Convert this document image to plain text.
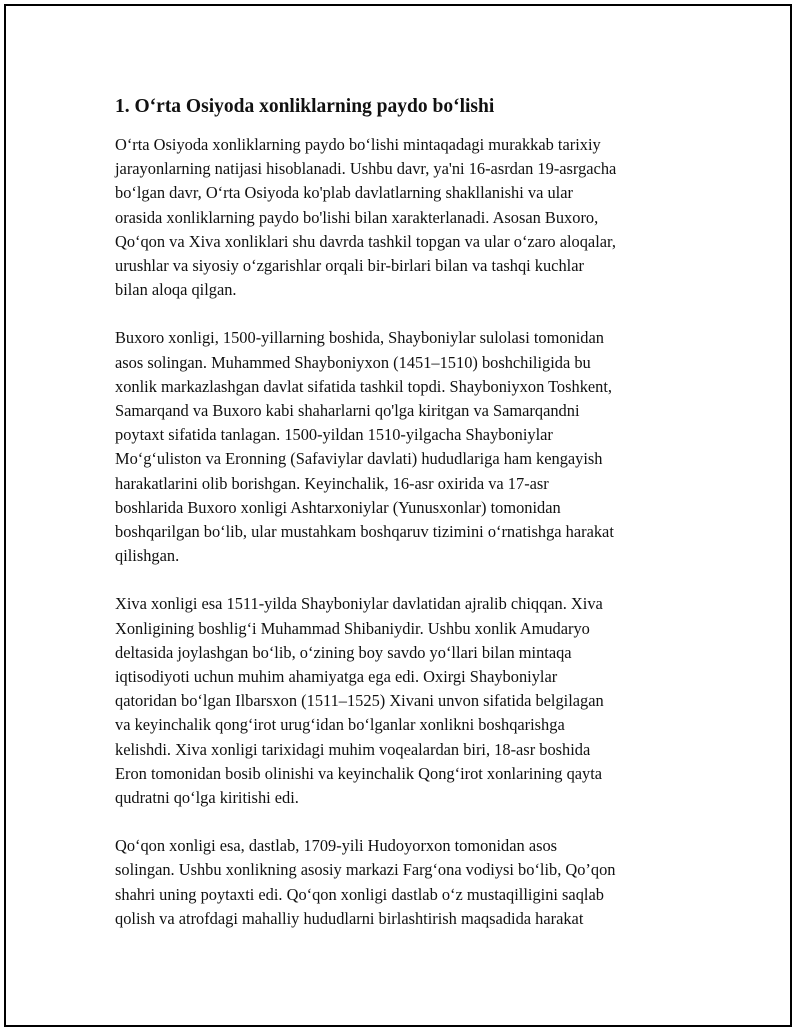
1. O‘rta Osiyoda xonliklarning paydo bo‘lishi

O‘rta Osiyoda xonliklarning paydo bo‘lishi mintaqadagi murakkab tarixiy
jarayonlarning natijasi hisoblanadi. Ushbu davr, ya'ni 16-asrdan 19-asrgacha
bo‘lgan davr, O‘rta Osiyoda ko'plab davlatlarning shakllanishi va ular
orasida xonliklarning paydo bo'lishi bilan xarakterlanadi. Asosan Buxoro,
Qo‘qon va Xiva xonliklari shu davrda tashkil topgan va ular o‘zaro aloqalar,
urushlar va siyosiy o‘zgarishlar orqali bir-birlari bilan va tashqi kuchlar
bilan aloqa qilgan.

Buxoro xonligi, 1500-yillarning boshida, Shayboniylar sulolasi tomonidan
asos solingan. Muhammed Shayboniyxon (1451–1510) boshchiligida bu
xonlik markazlashgan davlat sifatida tashkil topdi. Shayboniyxon Toshkent,
Samarqand va Buxoro kabi shaharlarni qo'lga kiritgan va Samarqandni
poytaxt sifatida tanlagan. 1500-yildan 1510-yilgacha Shayboniylar
Mo‘g‘uliston va Eronning (Safaviylar davlati) hududlariga ham kengayish
harakatlarini olib borishgan. Keyinchalik, 16-asr oxirida va 17-asr
boshlarida Buxoro xonligi Ashtarxoniylar (Yunusxonlar) tomonidan
boshqarilgan bo‘lib, ular mustahkam boshqaruv tizimini o‘rnatishga harakat
qilishgan.

Xiva xonligi esa 1511-yilda Shayboniylar davlatidan ajralib chiqqan. Xiva
Xonligining boshlig‘i Muhammad Shibaniydir. Ushbu xonlik Amudaryo
deltasida joylashgan bo‘lib, o‘zining boy savdo yo‘llari bilan mintaqa
iqtisodiyoti uchun muhim ahamiyatga ega edi. Oxirgi Shayboniylar
qatoridan bo‘lgan Ilbarsxon (1511–1525) Xivani unvon sifatida belgilagan
va keyinchalik qong‘irot urug‘idan bo‘lganlar xonlikni boshqarishga
kelishdi. Xiva xonligi tarixidagi muhim voqealardan biri, 18-asr boshida
Eron tomonidan bosib olinishi va keyinchalik Qong‘irot xonlarining qayta
qudratni qo‘lga kiritishi edi.

Qo‘qon xonligi esa, dastlab, 1709-yili Hudoyorxon tomonidan asos
solingan. Ushbu xonlikning asosiy markazi Farg‘ona vodiysi bo‘lib, Qo’qon
shahri uning poytaxti edi. Qo‘qon xonligi dastlab o‘z mustaqilligini saqlab
qolish va atrofdagi mahalliy hududlarni birlashtirish maqsadida harakat
